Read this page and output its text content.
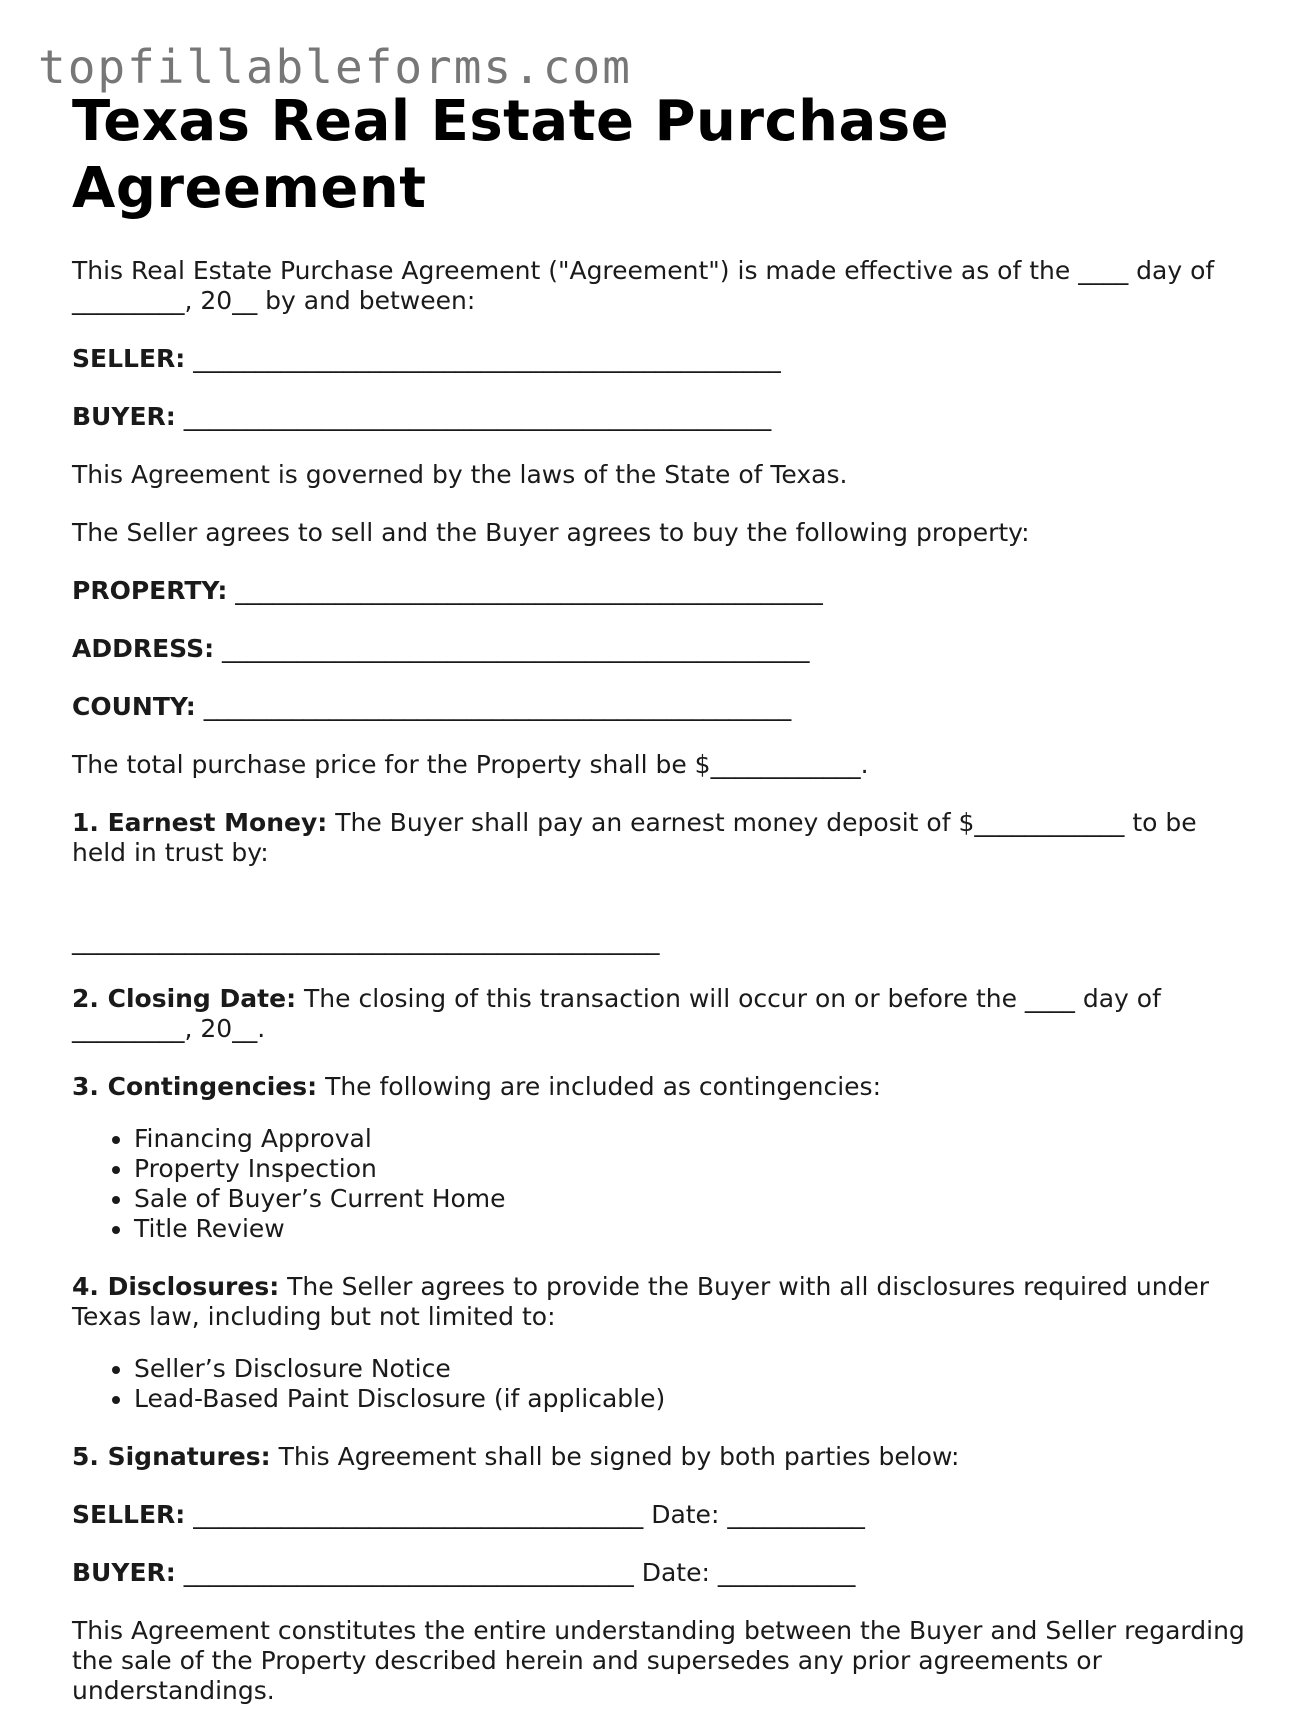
topfillableforms.com
Texas Real Estate Purchase Agreement

This Real Estate Purchase Agreement ("Agreement") is made effective as of the ____ day of _________, 20__ by and between:

SELLER: _______________________________________________

BUYER: _______________________________________________

This Agreement is governed by the laws of the State of Texas.

The Seller agrees to sell and the Buyer agrees to buy the following property:

PROPERTY: _______________________________________________

ADDRESS: _______________________________________________

COUNTY: _______________________________________________

The total purchase price for the Property shall be $____________.

1. Earnest Money: The Buyer shall pay an earnest money deposit of $____________ to be held in trust by:

_______________________________________________

2. Closing Date: The closing of this transaction will occur on or before the ____ day of _________, 20__.

3. Contingencies: The following are included as contingencies:

• Financing Approval
• Property Inspection
• Sale of Buyer’s Current Home
• Title Review

4. Disclosures: The Seller agrees to provide the Buyer with all disclosures required under Texas law, including but not limited to:

• Seller’s Disclosure Notice
• Lead-Based Paint Disclosure (if applicable)

5. Signatures: This Agreement shall be signed by both parties below:

SELLER: ____________________________________ Date: ___________

BUYER: ____________________________________ Date: ___________

This Agreement constitutes the entire understanding between the Buyer and Seller regarding the sale of the Property described herein and supersedes any prior agreements or understandings.
